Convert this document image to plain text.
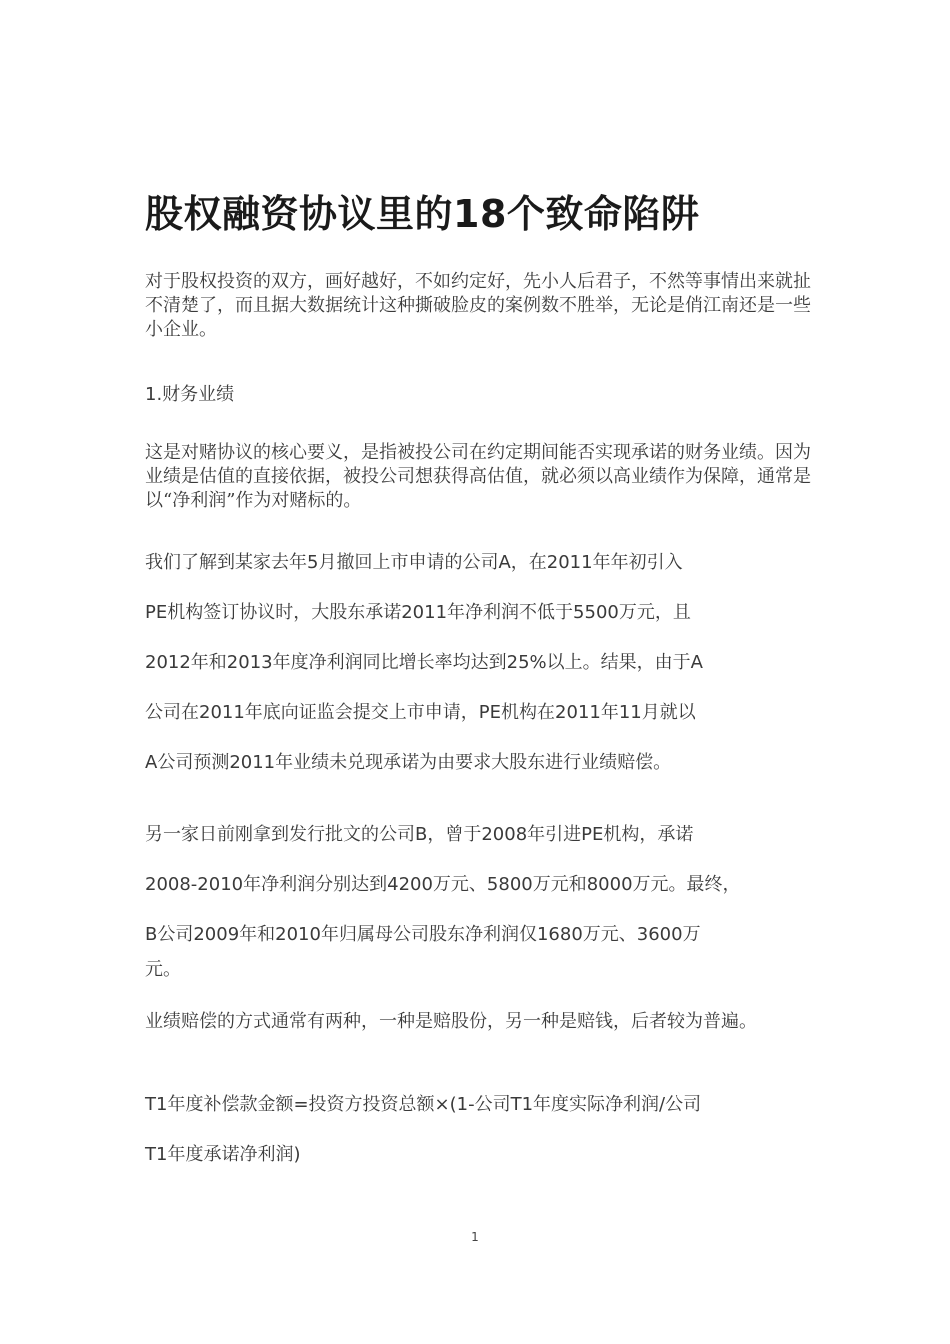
股权融资协议里的18个致命陷阱
对于股权投资的双方，画好越好，不如约定好，先小人后君子，不然等事情出来就扯不清楚了，而且据大数据统计这种撕破脸皮的案例数不胜举，无论是俏江南还是一些小企业。
1.财务业绩
这是对赌协议的核心要义，是指被投公司在约定期间能否实现承诺的财务业绩。因为业绩是估值的直接依据，被投公司想获得高估值，就必须以高业绩作为保障，通常是以“净利润”作为对赌标的。
我们了解到某家去年5月撤回上市申请的公司A，在2011年年初引入
PE机构签订协议时，大股东承诺2011年净利润不低于5500万元，且
2012年和2013年度净利润同比增长率均达到25%以上。结果，由于A
公司在2011年底向证监会提交上市申请，PE机构在2011年11月就以
A公司预测2011年业绩未兑现承诺为由要求大股东进行业绩赔偿。
另一家日前刚拿到发行批文的公司B，曾于2008年引进PE机构，承诺
2008-2010年净利润分别达到4200万元、5800万元和8000万元。最终，
B公司2009年和2010年归属母公司股东净利润仅1680万元、3600万
元。
业绩赔偿的方式通常有两种，一种是赔股份，另一种是赔钱，后者较为普遍。
T1年度补偿款金额=投资方投资总额×(1-公司T1年度实际净利润/公司
T1年度承诺净利润)
1
